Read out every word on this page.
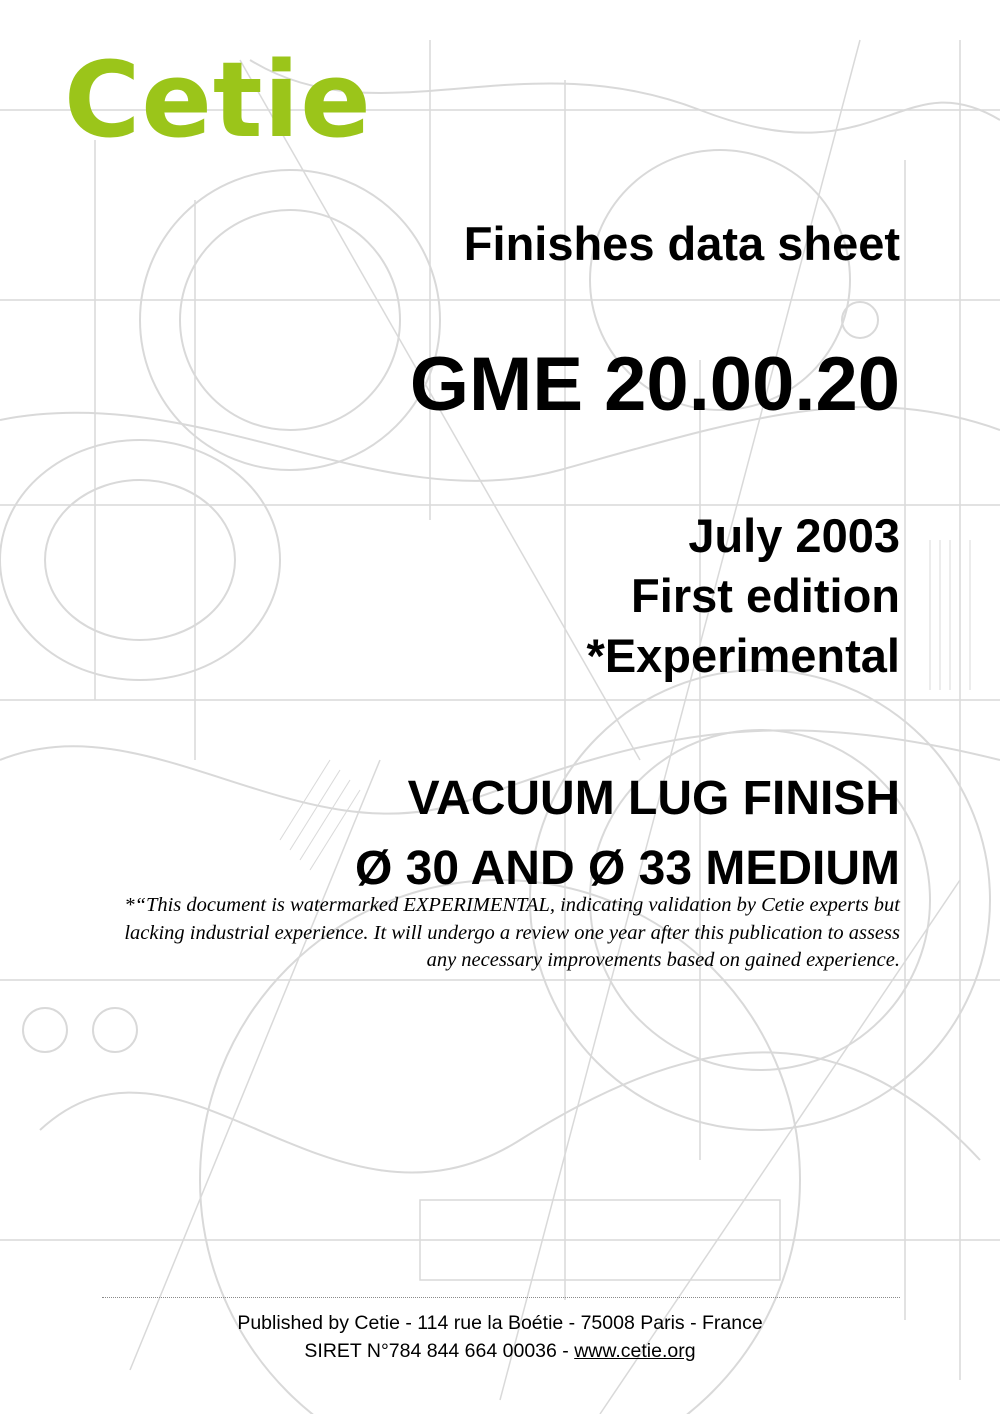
Cetie
Finishes data sheet
GME 20.00.20
July 2003
First edition
*Experimental
VACUUM LUG FINISH
Ø 30 AND Ø 33 MEDIUM
*“This document is watermarked EXPERIMENTAL, indicating validation by Cetie experts but lacking industrial experience. It will undergo a review one year after this publication to assess any necessary improvements based on gained experience.
Published by Cetie - 114 rue la Boétie - 75008 Paris - France
SIRET N°784 844 664 00036 - www.cetie.org
